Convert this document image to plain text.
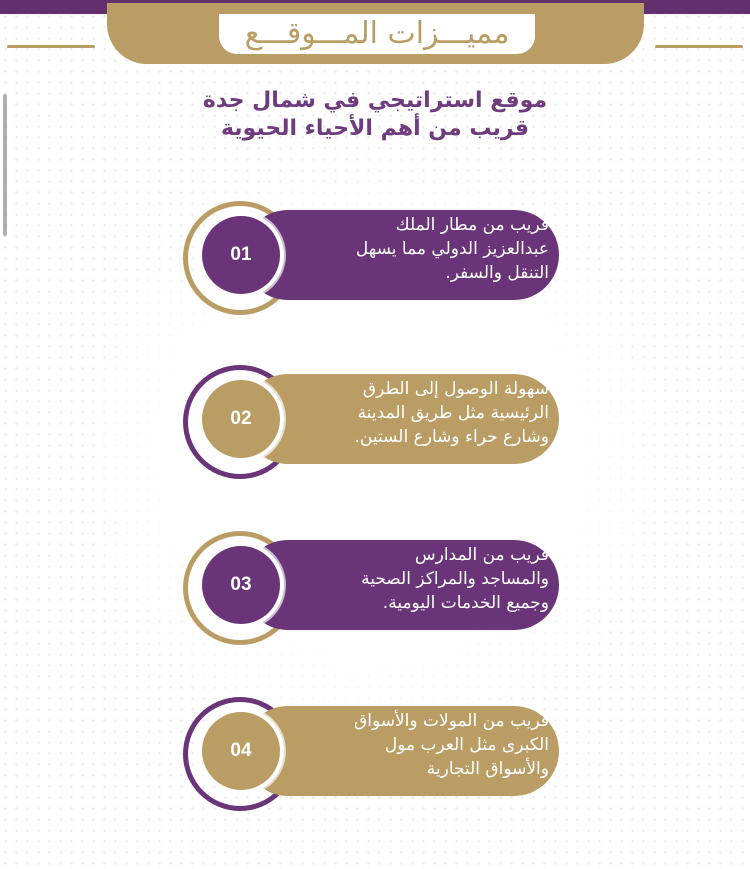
مميـــزات المـــوقـــع
موقع استراتيجي في شمال جدة
قريب من أهم الأحياء الحيوية
01
قريب من مطار الملك
عبدالعزيز الدولي مما يسهل
التنقل والسفر.
02
سهولة الوصول إلى الطرق
الرئيسية مثل طريق المدينة
وشارع حراء وشارع الستين.
03
قريب من المدارس
والمساجد والمراكز الصحية
وجميع الخدمات اليومية.
04
قريب من المولات والأسواق
الكبرى مثل العرب مول
والأسواق التجارية
